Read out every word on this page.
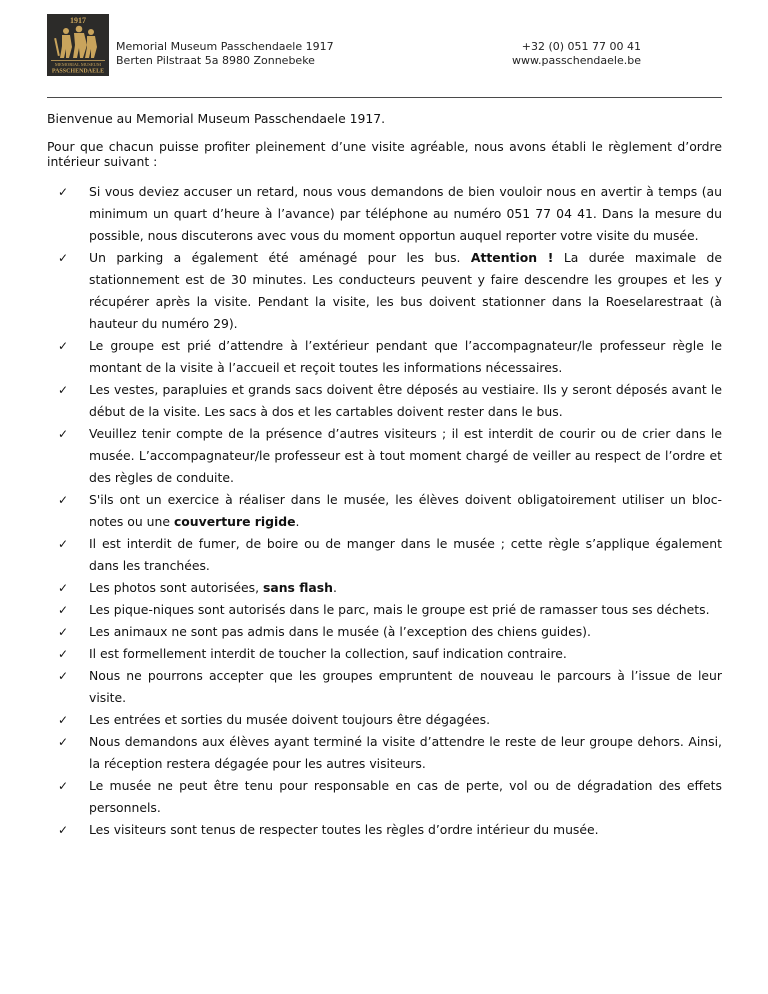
1917
MEMORIAL MUSEUM
PASSCHENDAELE
Memorial Museum Passchendaele 1917
Berten Pilstraat 5a 8980 Zonnebeke
+32 (0) 051 77 00 41
www.passchendaele.be

Bienvenue au Memorial Museum Passchendaele 1917.

Pour que chacun puisse profiter pleinement d’une visite agréable, nous avons établi le règlement d’ordre intérieur suivant :

✓	Si vous deviez accuser un retard, nous vous demandons de bien vouloir nous en avertir à temps (au minimum un quart d’heure à l’avance) par téléphone au numéro 051 77 04 41. Dans la mesure du possible, nous discuterons avec vous du moment opportun auquel reporter votre visite du musée.
✓	Un parking a également été aménagé pour les bus. Attention ! La durée maximale de stationnement est de 30 minutes. Les conducteurs peuvent y faire descendre les groupes et les y récupérer après la visite. Pendant la visite, les bus doivent stationner dans la Roeselarestraat (à hauteur du numéro 29).
✓	Le groupe est prié d’attendre à l’extérieur pendant que l’accompagnateur/le professeur règle le montant de la visite à l’accueil et reçoit toutes les informations nécessaires.
✓	Les vestes, parapluies et grands sacs doivent être déposés au vestiaire. Ils y seront déposés avant le début de la visite. Les sacs à dos et les cartables doivent rester dans le bus.
✓	Veuillez tenir compte de la présence d’autres visiteurs ; il est interdit de courir ou de crier dans le musée. L’accompagnateur/le professeur est à tout moment chargé de veiller au respect de l’ordre et des règles de conduite.
✓	S'ils ont un exercice à réaliser dans le musée, les élèves doivent obligatoirement utiliser un bloc-notes ou une couverture rigide.
✓	Il est interdit de fumer, de boire ou de manger dans le musée ; cette règle s’applique également dans les tranchées.
✓	Les photos sont autorisées, sans flash.
✓	Les pique-niques sont autorisés dans le parc, mais le groupe est prié de ramasser tous ses déchets.
✓	Les animaux ne sont pas admis dans le musée (à l’exception des chiens guides).
✓	Il est formellement interdit de toucher la collection, sauf indication contraire.
✓	Nous ne pourrons accepter que les groupes empruntent de nouveau le parcours à l’issue de leur visite.
✓	Les entrées et sorties du musée doivent toujours être dégagées.
✓	Nous demandons aux élèves ayant terminé la visite d’attendre le reste de leur groupe dehors. Ainsi, la réception restera dégagée pour les autres visiteurs.
✓	Le musée ne peut être tenu pour responsable en cas de perte, vol ou de dégradation des effets personnels.
✓	Les visiteurs sont tenus de respecter toutes les règles d’ordre intérieur du musée.
